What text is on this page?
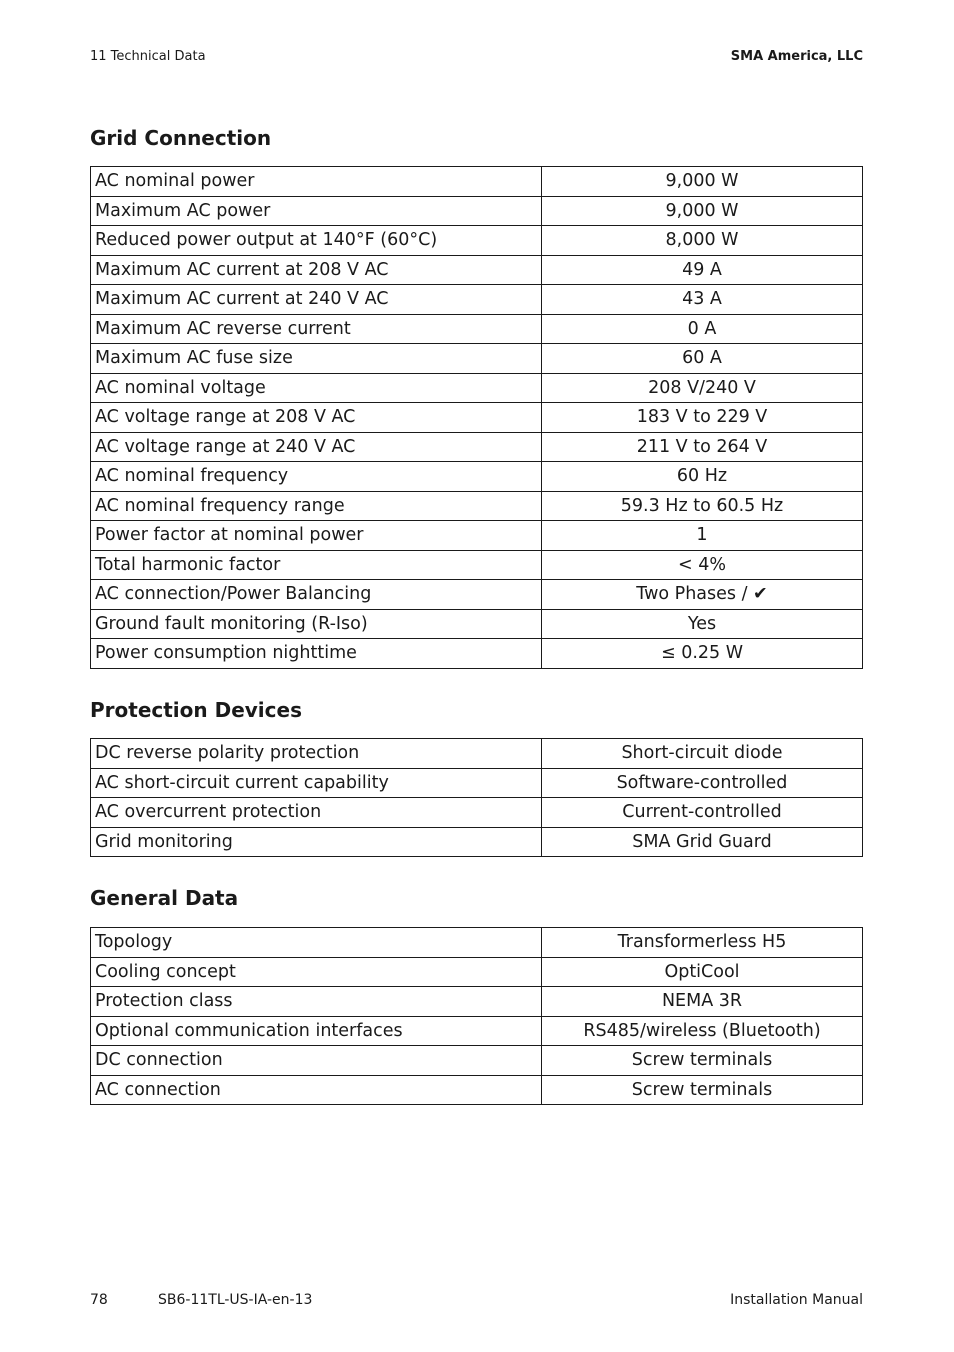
11 Technical Data	SMA America, LLC
Grid Connection
AC nominal power	9,000 W
Maximum AC power	9,000 W
Reduced power output at 140°F (60°C)	8,000 W
Maximum AC current at 208 V AC	49 A
Maximum AC current at 240 V AC	43 A
Maximum AC reverse current	0 A
Maximum AC fuse size	60 A
AC nominal voltage	208 V/240 V
AC voltage range at 208 V AC	183 V to 229 V
AC voltage range at 240 V AC	211 V to 264 V
AC nominal frequency	60 Hz
AC nominal frequency range	59.3 Hz to 60.5 Hz
Power factor at nominal power	1
Total harmonic factor	< 4%
AC connection/Power Balancing	Two Phases / ✔
Ground fault monitoring (R-Iso)	Yes
Power consumption nighttime	≤ 0.25 W
Protection Devices
DC reverse polarity protection	Short-circuit diode
AC short-circuit current capability	Software-controlled
AC overcurrent protection	Current-controlled
Grid monitoring	SMA Grid Guard
General Data
Topology	Transformerless H5
Cooling concept	OptiCool
Protection class	NEMA 3R
Optional communication interfaces	RS485/wireless (Bluetooth)
DC connection	Screw terminals
AC connection	Screw terminals
78	SB6-11TL-US-IA-en-13	Installation Manual
